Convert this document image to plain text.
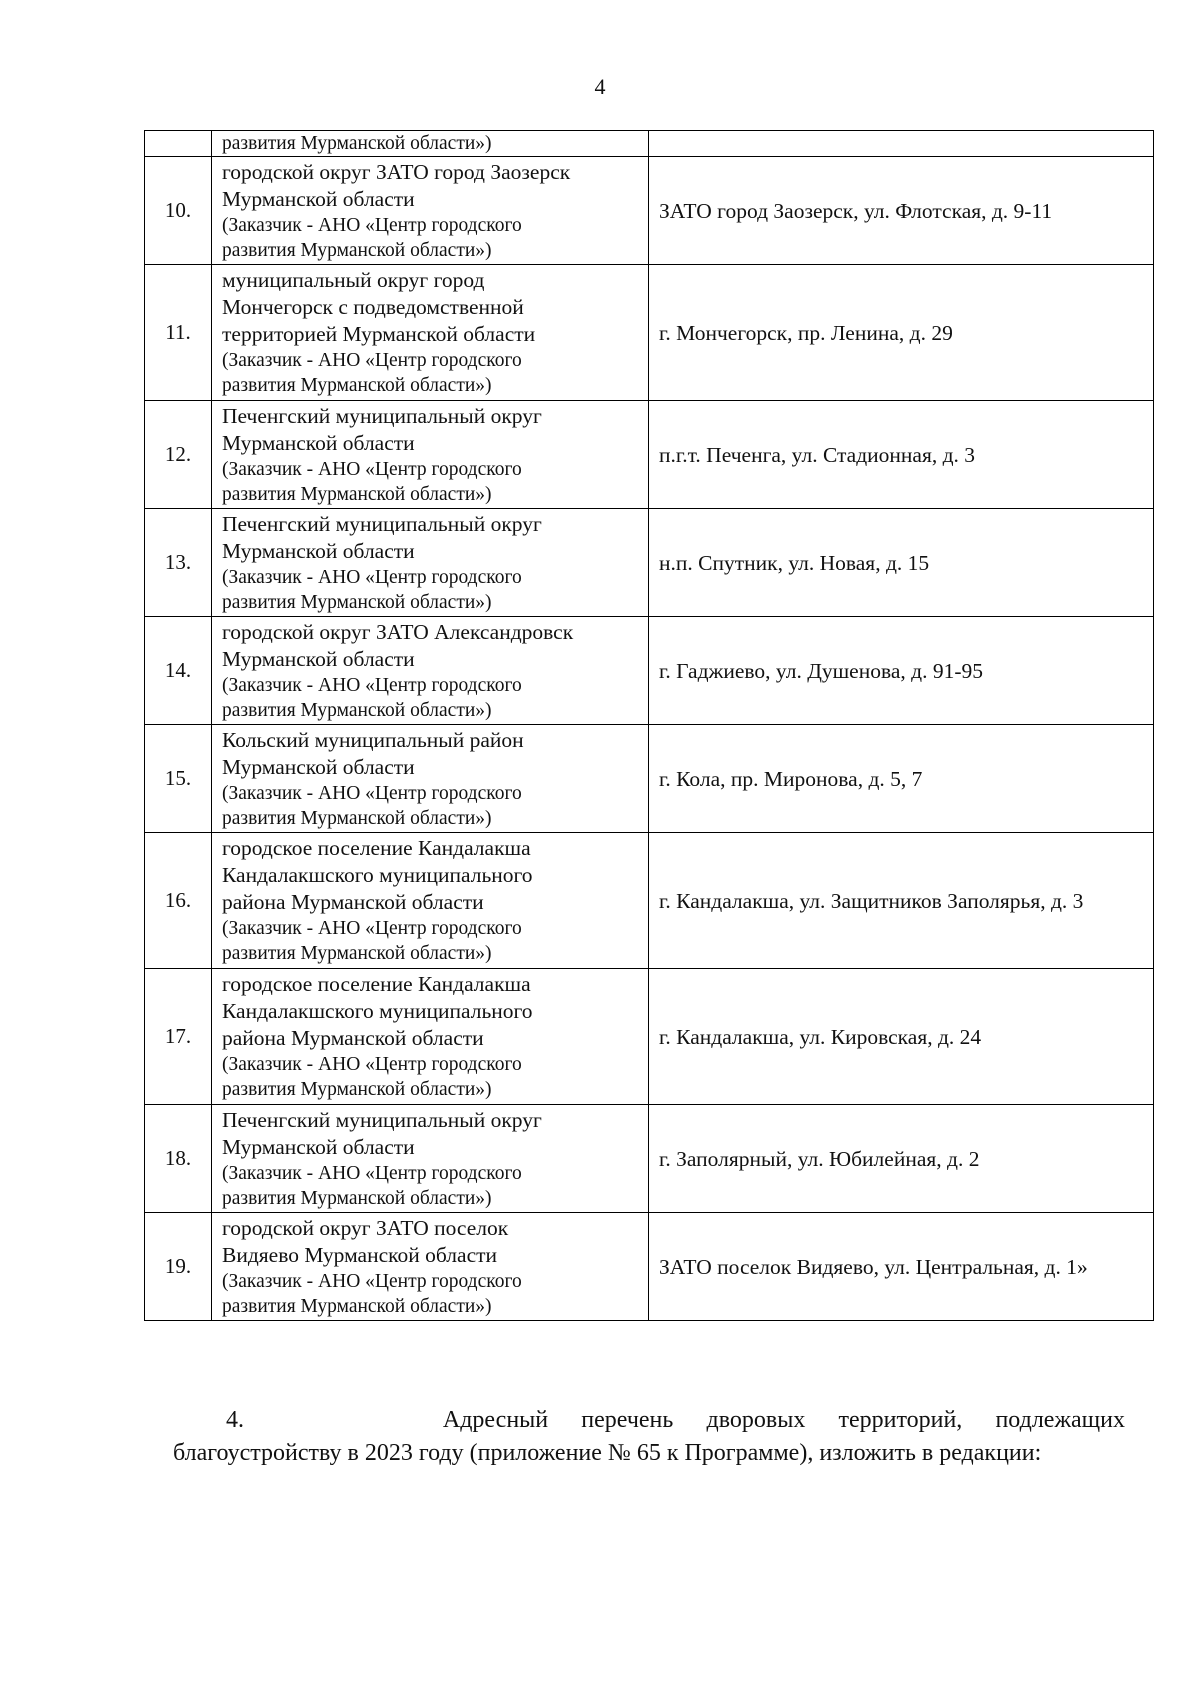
4

	развития Мурманской области»)	

10.	городской округ ЗАТО город Заозерск
Мурманской области
(Заказчик - АНО «Центр городского
развития Мурманской области»)	ЗАТО город Заозерск, ул. Флотская, д. 9-11
11.	муниципальный округ город
Мончегорск с подведомственной
территорией Мурманской области
(Заказчик - АНО «Центр городского
развития Мурманской области»)	г. Мончегорск, пр. Ленина, д. 29
12.	Печенгский муниципальный округ
Мурманской области
(Заказчик - АНО «Центр городского
развития Мурманской области»)	п.г.т. Печенга, ул. Стадионная, д. 3
13.	Печенгский муниципальный округ
Мурманской области
(Заказчик - АНО «Центр городского
развития Мурманской области»)	н.п. Спутник, ул. Новая, д. 15
14.	городской округ ЗАТО Александровск
Мурманской области
(Заказчик - АНО «Центр городского
развития Мурманской области»)	г. Гаджиево, ул. Душенова, д. 91-95
15.	Кольский муниципальный район
Мурманской области
(Заказчик - АНО «Центр городского
развития Мурманской области»)	г. Кола, пр. Миронова, д. 5, 7
16.	городское поселение Кандалакша
Кандалакшского муниципального
района Мурманской области
(Заказчик - АНО «Центр городского
развития Мурманской области»)	г. Кандалакша, ул. Защитников Заполярья, д. 3
17.	городское поселение Кандалакша
Кандалакшского муниципального
района Мурманской области
(Заказчик - АНО «Центр городского
развития Мурманской области»)	г. Кандалакша, ул. Кировская, д. 24
18.	Печенгский муниципальный округ
Мурманской области
(Заказчик - АНО «Центр городского
развития Мурманской области»)	г. Заполярный, ул. Юбилейная, д. 2
19.	городской округ ЗАТО поселок
Видяево Мурманской области
(Заказчик - АНО «Центр городского
развития Мурманской области»)	ЗАТО поселок Видяево, ул. Центральная, д. 1»
4.	Адресный перечень дворовых территорий, подлежащих
благоустройству в 2023 году (приложение № 65 к Программе), изложить в редакции:
